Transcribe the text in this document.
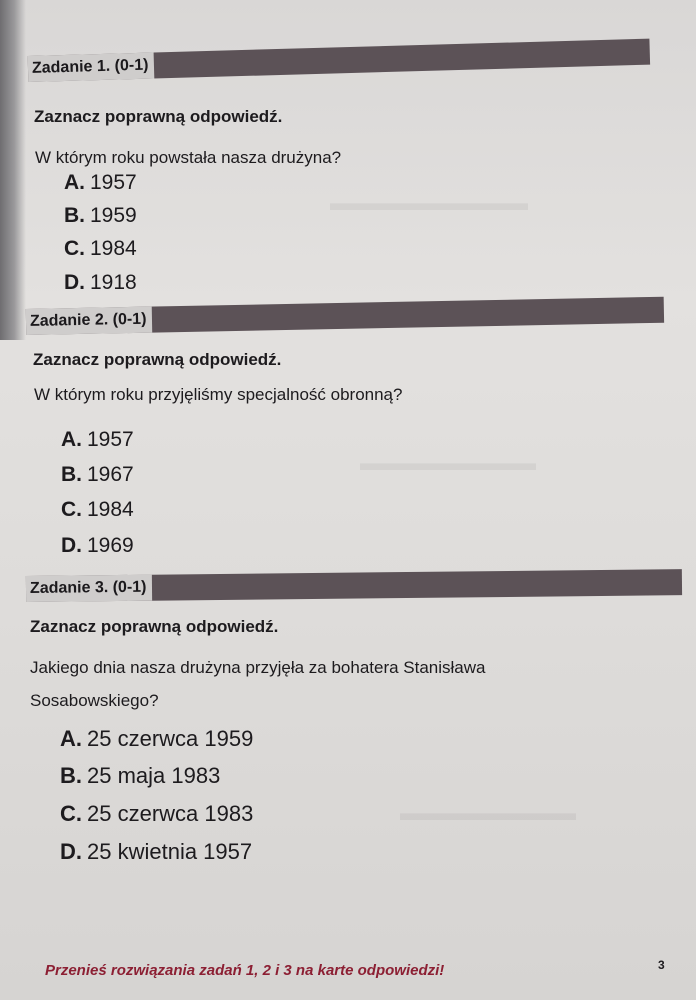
▬▬▬▬▬▬▬▬▬
▬▬▬▬▬▬▬▬
▬▬▬▬▬▬▬▬
Zadanie 1. (0-1)
Zaznacz poprawną odpowiedź.
W którym roku powstała nasza drużyna?
A. 1957
B. 1959
C. 1984
D. 1918
Zadanie 2. (0-1)
Zaznacz poprawną odpowiedź.
W którym roku przyjęliśmy specjalność obronną?
A. 1957
B. 1967
C. 1984
D. 1969
Zadanie 3. (0-1)
Zaznacz poprawną odpowiedź.
Jakiego dnia nasza drużyna przyjęła za bohatera Stanisława
Sosabowskiego?
A. 25 czerwca 1959
B. 25 maja 1983
C. 25 czerwca 1983
D. 25 kwietnia 1957
Przenieś rozwiązania zadań 1, 2 i 3 na karte odpowiedzi!	3
